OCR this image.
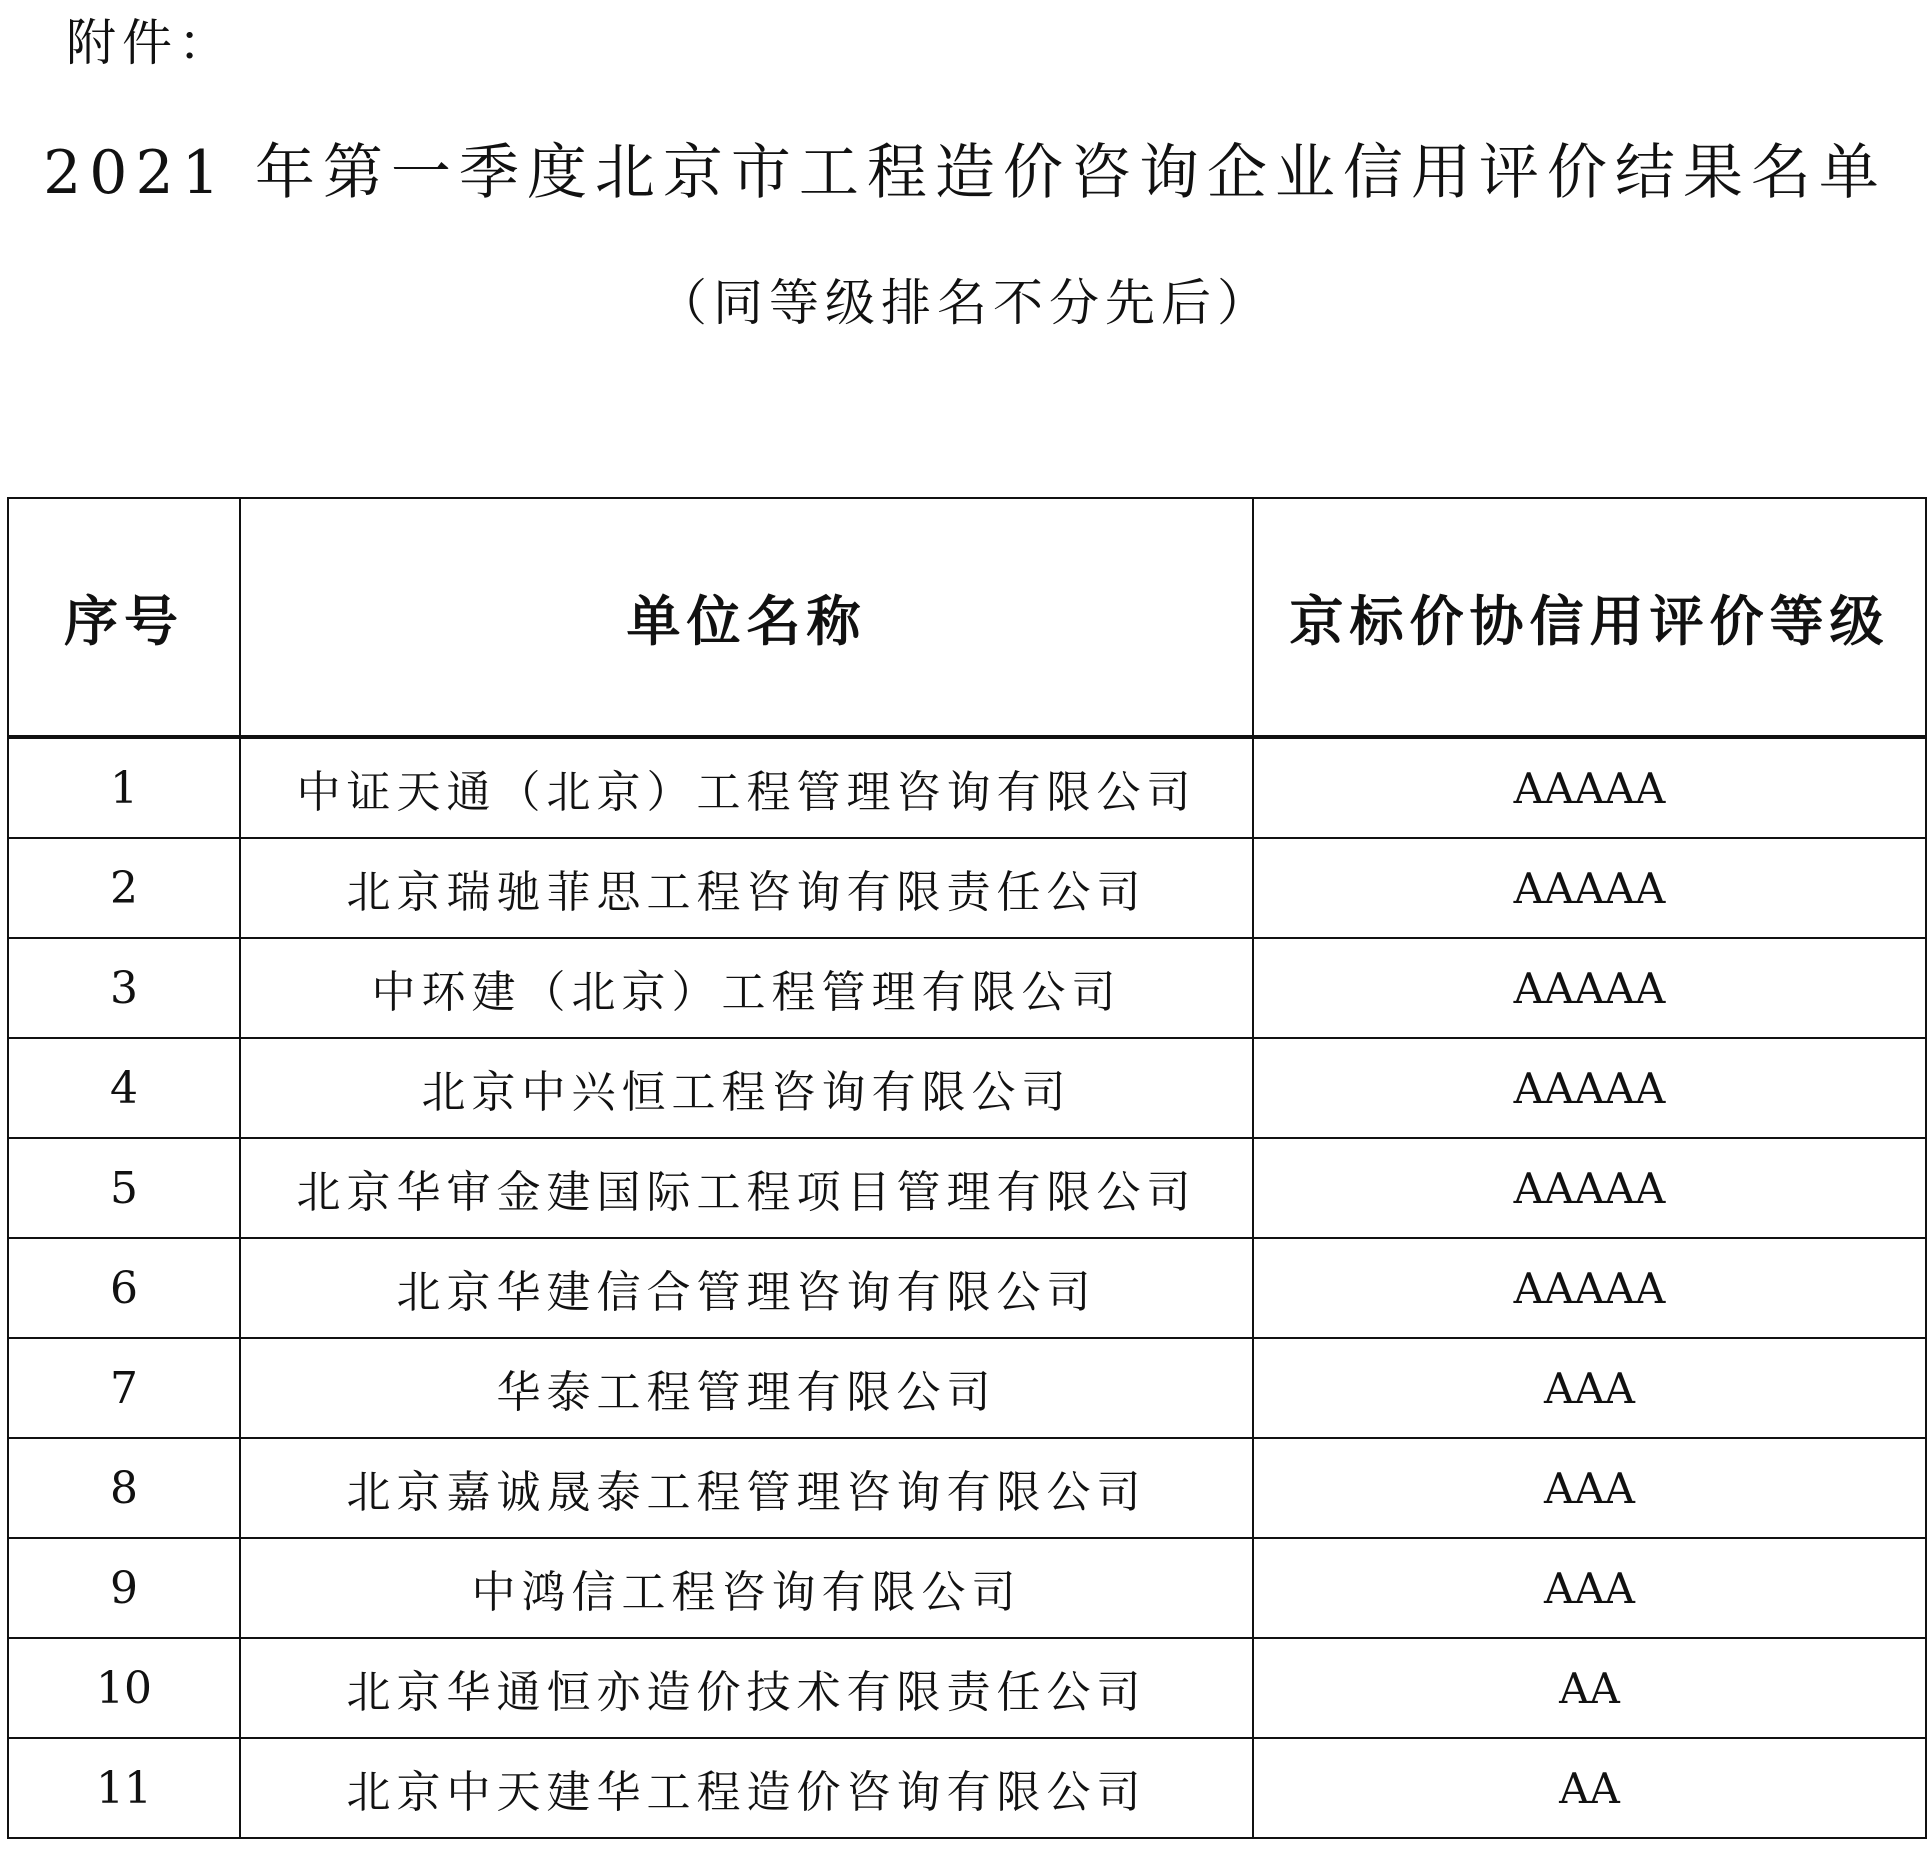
附件：
2021 年第一季度北京市工程造价咨询企业信用评价结果名单
（同等级排名不分先后）
序号	单位名称	京标价协信用评价等级
1	中证天通（北京）工程管理咨询有限公司	AAAAA
2	北京瑞驰菲思工程咨询有限责任公司	AAAAA
3	中环建（北京）工程管理有限公司	AAAAA
4	北京中兴恒工程咨询有限公司	AAAAA
5	北京华审金建国际工程项目管理有限公司	AAAAA
6	北京华建信合管理咨询有限公司	AAAAA
7	华泰工程管理有限公司	AAA
8	北京嘉诚晟泰工程管理咨询有限公司	AAA
9	中鸿信工程咨询有限公司	AAA
10	北京华通恒亦造价技术有限责任公司	AA
11	北京中天建华工程造价咨询有限公司	AA
